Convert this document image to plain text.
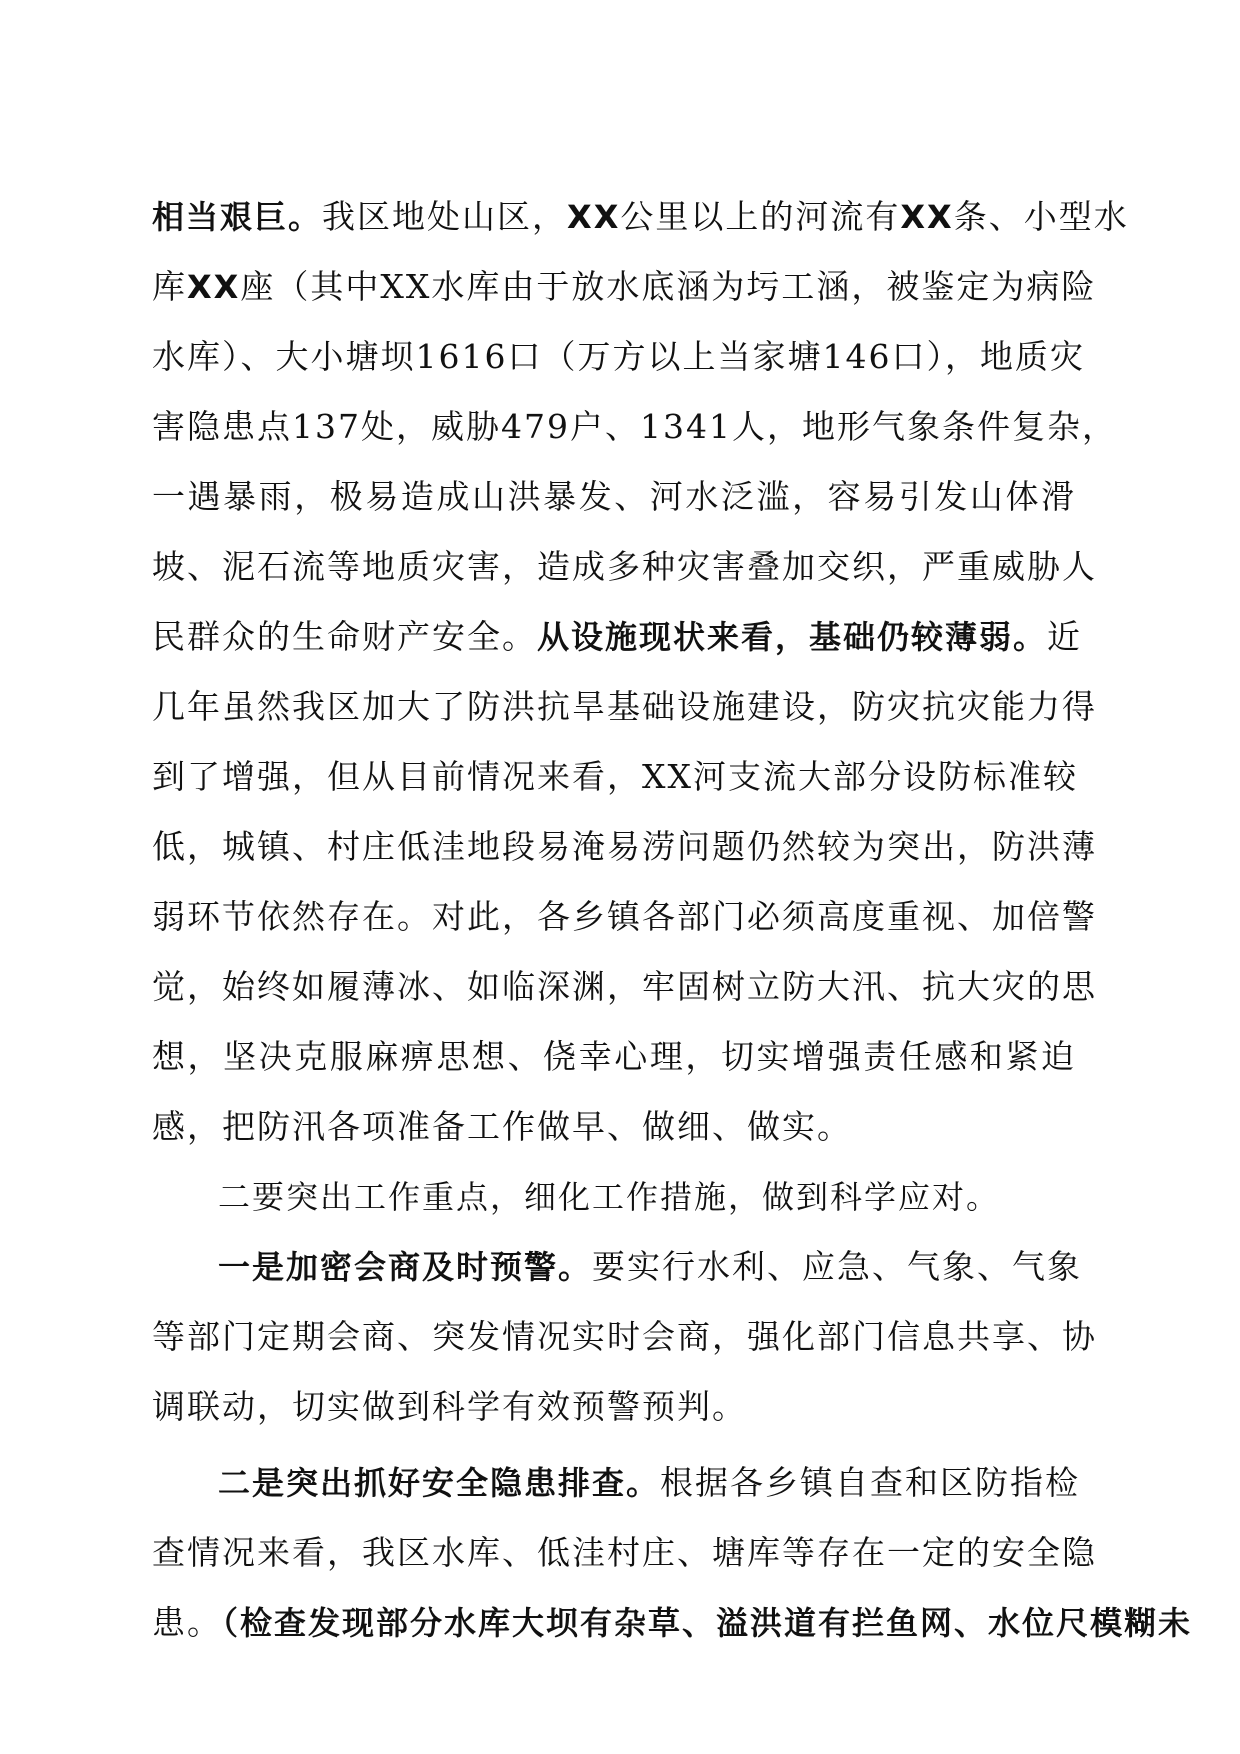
相当艰巨。我区地处山区，XX公里以上的河流有XX条、小型水
库XX座（其中XX水库由于放水底涵为圬工涵，被鉴定为病险
水库）、大小塘坝1616口（万方以上当家塘146口），地质灾
害隐患点137处，威胁479户、1341人，地形气象条件复杂，
一遇暴雨，极易造成山洪暴发、河水泛滥，容易引发山体滑
坡、泥石流等地质灾害，造成多种灾害叠加交织，严重威胁人
民群众的生命财产安全。从设施现状来看，基础仍较薄弱。近
几年虽然我区加大了防洪抗旱基础设施建设，防灾抗灾能力得
到了增强，但从目前情况来看，XX河支流大部分设防标准较
低，城镇、村庄低洼地段易淹易涝问题仍然较为突出，防洪薄
弱环节依然存在。对此，各乡镇各部门必须高度重视、加倍警
觉，始终如履薄冰、如临深渊，牢固树立防大汛、抗大灾的思
想，坚决克服麻痹思想、侥幸心理，切实增强责任感和紧迫
感，把防汛各项准备工作做早、做细、做实。
二要突出工作重点，细化工作措施，做到科学应对。
一是加密会商及时预警。要实行水利、应急、气象、气象
等部门定期会商、突发情况实时会商，强化部门信息共享、协
调联动，切实做到科学有效预警预判。
二是突出抓好安全隐患排查。根据各乡镇自查和区防指检
查情况来看，我区水库、低洼村庄、塘库等存在一定的安全隐
患。（检查发现部分水库大坝有杂草、溢洪道有拦鱼网、水位尺模糊未
